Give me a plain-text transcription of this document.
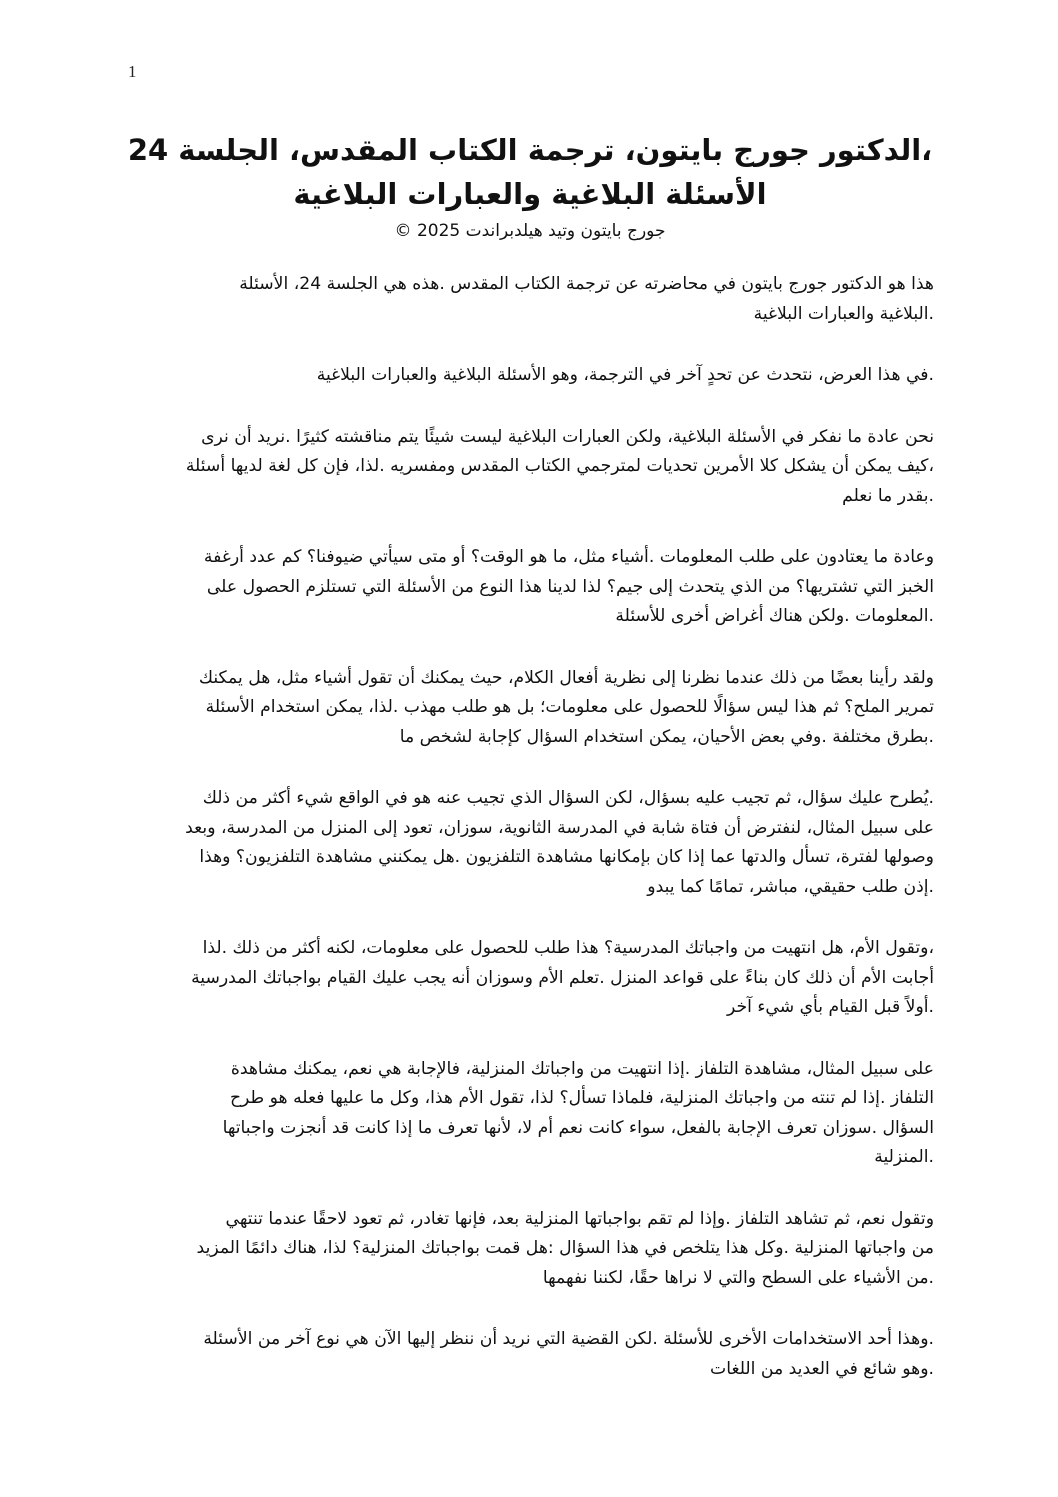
1
،الدكتور جورج بايتون، ترجمة الكتاب المقدس، الجلسة 24
الأسئلة البلاغية والعبارات البلاغية
جورج بايتون وتيد هيلدبراندت 2025 ©
هذا هو الدكتور جورج بايتون في محاضرته عن ترجمة الكتاب المقدس .هذه هي الجلسة 24، الأسئلة
.البلاغية والعبارات البلاغية
.في هذا العرض، نتحدث عن تحدٍ آخر في الترجمة، وهو الأسئلة البلاغية والعبارات البلاغية
نحن عادة ما نفكر في الأسئلة البلاغية، ولكن العبارات البلاغية ليست شيئًا يتم مناقشته كثيرًا .نريد أن نرى
،كيف يمكن أن يشكل كلا الأمرين تحديات لمترجمي الكتاب المقدس ومفسريه .لذا، فإن كل لغة لديها أسئلة
.بقدر ما نعلم
وعادة ما يعتادون على طلب المعلومات .أشياء مثل، ما هو الوقت؟ أو متى سيأتي ضيوفنا؟ كم عدد أرغفة
الخبز التي تشتريها؟ من الذي يتحدث إلى جيم؟ لذا لدينا هذا النوع من الأسئلة التي تستلزم الحصول على
.المعلومات .ولكن هناك أغراض أخرى للأسئلة
ولقد رأينا بعضًا من ذلك عندما نظرنا إلى نظرية أفعال الكلام، حيث يمكنك أن تقول أشياء مثل، هل يمكنك
تمرير الملح؟ ثم هذا ليس سؤالًا للحصول على معلومات؛ بل هو طلب مهذب .لذا، يمكن استخدام الأسئلة
.بطرق مختلفة .وفي بعض الأحيان، يمكن استخدام السؤال كإجابة لشخص ما
.يُطرح عليك سؤال، ثم تجيب عليه بسؤال، لكن السؤال الذي تجيب عنه هو في الواقع شيء أكثر من ذلك
على سبيل المثال، لنفترض أن فتاة شابة في المدرسة الثانوية، سوزان، تعود إلى المنزل من المدرسة، وبعد
وصولها لفترة، تسأل والدتها عما إذا كان بإمكانها مشاهدة التلفزيون .هل يمكنني مشاهدة التلفزيون؟ وهذا
.إذن طلب حقيقي، مباشر، تمامًا كما يبدو
،وتقول الأم، هل انتهيت من واجباتك المدرسية؟ هذا طلب للحصول على معلومات، لكنه أكثر من ذلك .لذا
أجابت الأم أن ذلك كان بناءً على قواعد المنزل .تعلم الأم وسوزان أنه يجب عليك القيام بواجباتك المدرسية
.أولاً قبل القيام بأي شيء آخر
على سبيل المثال، مشاهدة التلفاز .إذا انتهيت من واجباتك المنزلية، فالإجابة هي نعم، يمكنك مشاهدة
التلفاز .إذا لم تنته من واجباتك المنزلية، فلماذا تسأل؟ لذا، تقول الأم هذا، وكل ما عليها فعله هو طرح
السؤال .سوزان تعرف الإجابة بالفعل، سواء كانت نعم أم لا، لأنها تعرف ما إذا كانت قد أنجزت واجباتها
.المنزلية
وتقول نعم، ثم تشاهد التلفاز .وإذا لم تقم بواجباتها المنزلية بعد، فإنها تغادر، ثم تعود لاحقًا عندما تنتهي
من واجباتها المنزلية .وكل هذا يتلخص في هذا السؤال :هل قمت بواجباتك المنزلية؟ لذا، هناك دائمًا المزيد
.من الأشياء على السطح والتي لا نراها حقًا، لكننا نفهمها
.وهذا أحد الاستخدامات الأخرى للأسئلة .لكن القضية التي نريد أن ننظر إليها الآن هي نوع آخر من الأسئلة
.وهو شائع في العديد من اللغات
